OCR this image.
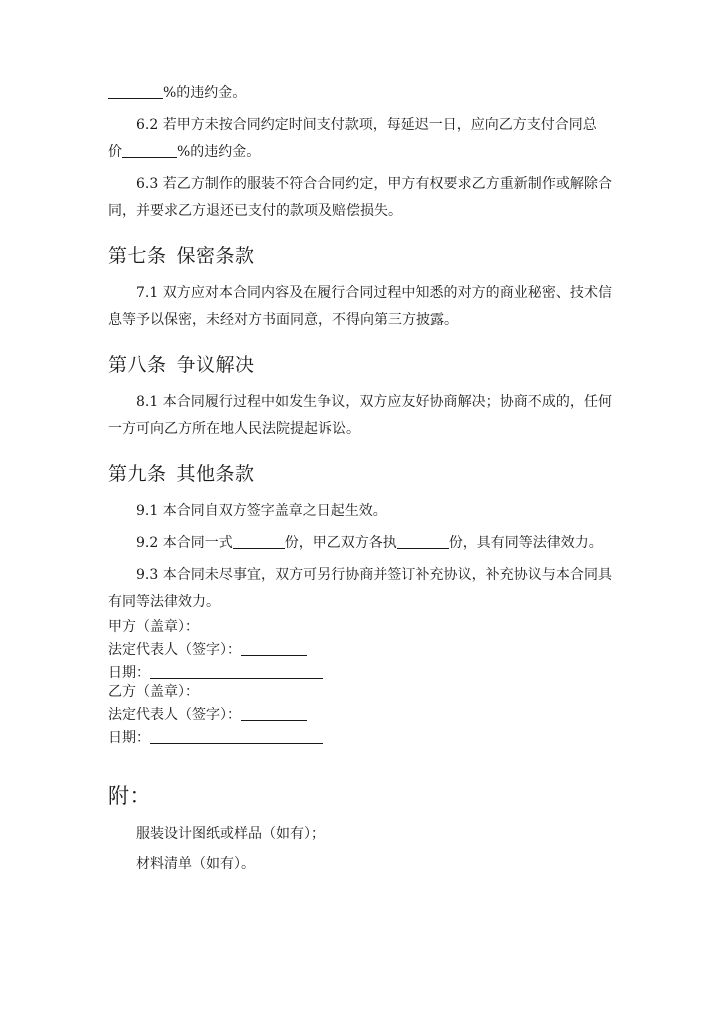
%的违约金。

6.2 若甲方未按合同约定时间支付款项，每延迟一日，应向乙方支付合同总
价	%的违约金。

6.3 若乙方制作的服装不符合合同约定，甲方有权要求乙方重新制作或解除合同，并要求乙方退还已支付的款项及赔偿损失。

第七条 保密条款

7.1 双方应对本合同内容及在履行合同过程中知悉的对方的商业秘密、技术信息等予以保密，未经对方书面同意，不得向第三方披露。

第八条 争议解决

8.1 本合同履行过程中如发生争议，双方应友好协商解决；协商不成的，任何一方可向乙方所在地人民法院提起诉讼。

第九条 其他条款

9.1 本合同自双方签字盖章之日起生效。

9.2 本合同一式	份，甲乙双方各执	份，具有同等法律效力。

9.3 本合同未尽事宜，双方可另行协商并签订补充协议，补充协议与本合同具有同等法律效力。

甲方（盖章）：

法定代表人（签字）：

日期：

乙方（盖章）：

法定代表人（签字）：

日期：

附：

服装设计图纸或样品（如有）；

材料清单（如有）。
